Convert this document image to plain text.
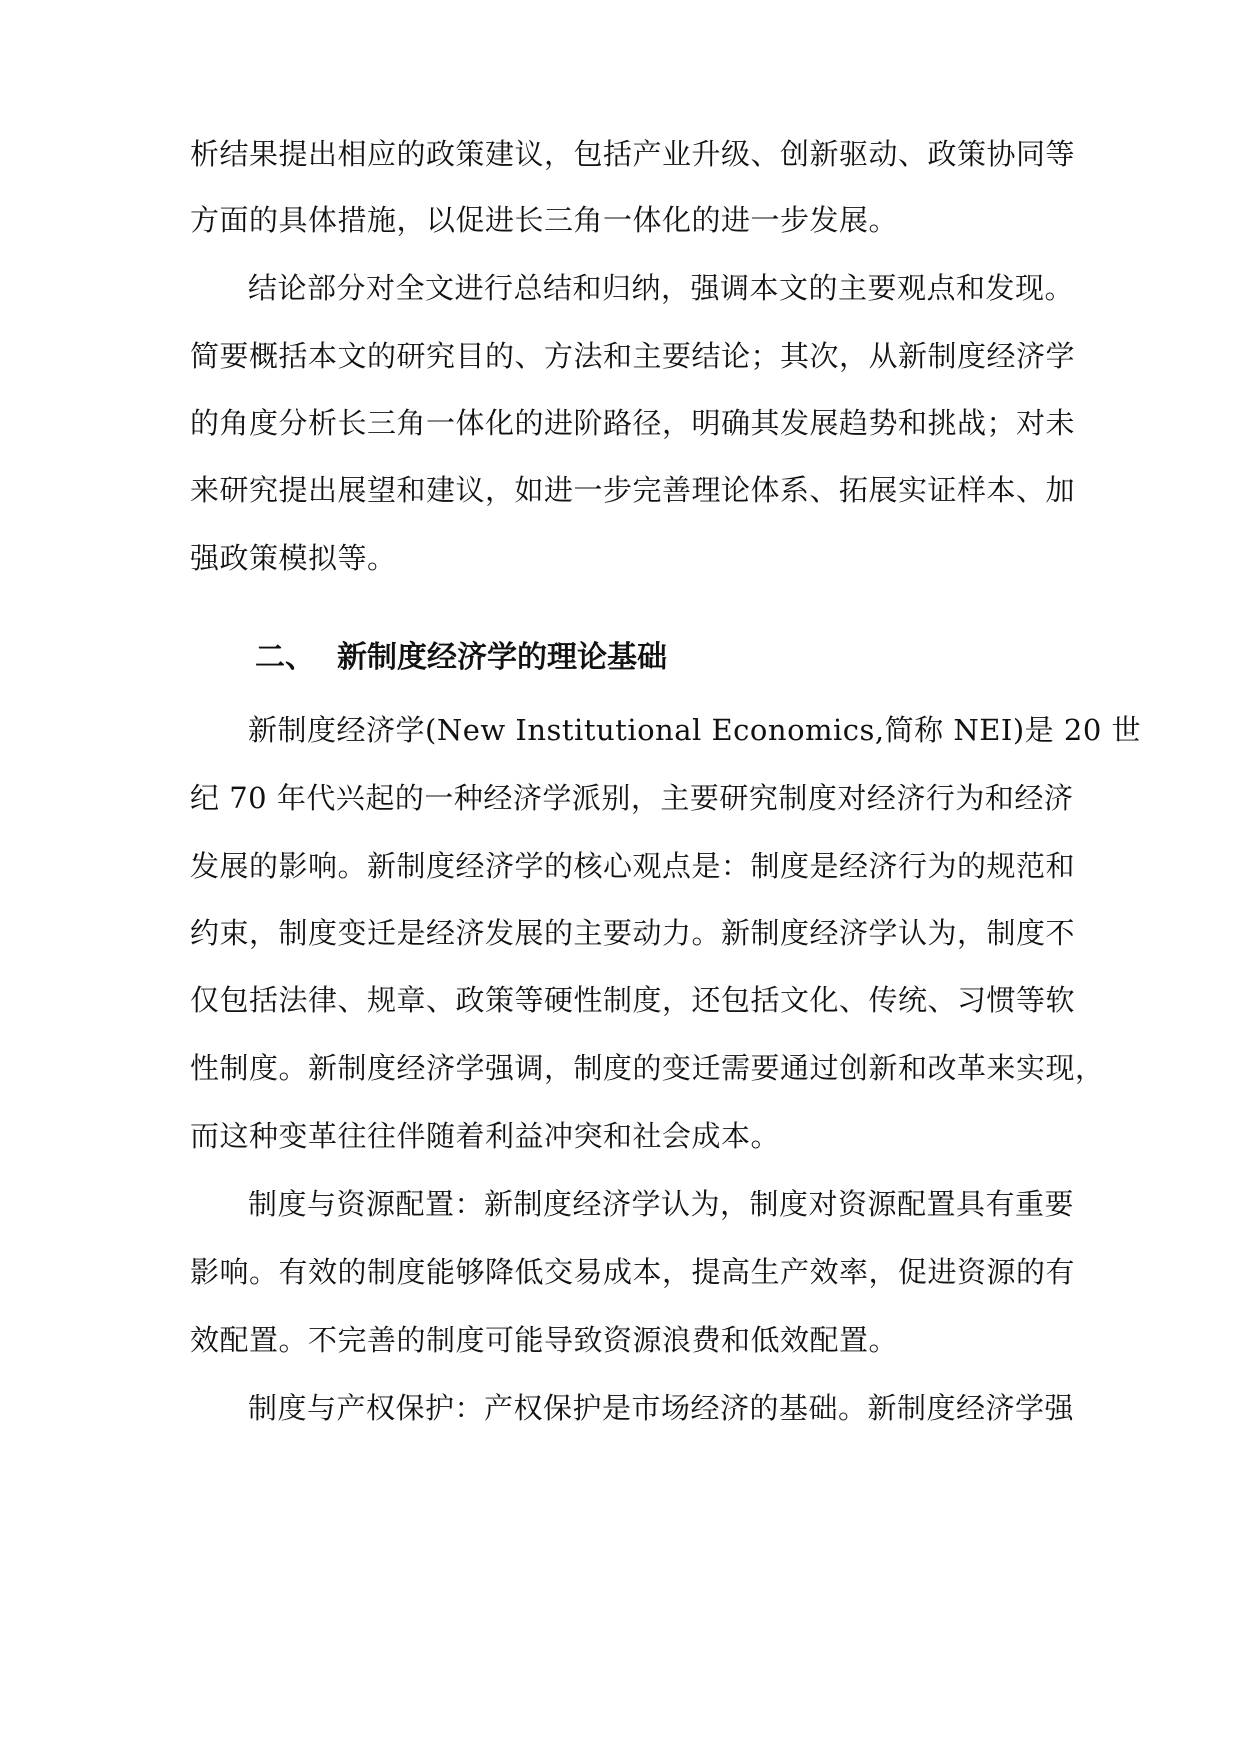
析结果提出相应的政策建议，包括产业升级、创新驱动、政策协同等
方面的具体措施，以促进长三角一体化的进一步发展。
结论部分对全文进行总结和归纳，强调本文的主要观点和发现。
简要概括本文的研究目的、方法和主要结论；其次，从新制度经济学
的角度分析长三角一体化的进阶路径，明确其发展趋势和挑战；对未
来研究提出展望和建议，如进一步完善理论体系、拓展实证样本、加
强政策模拟等。
二、 新制度经济学的理论基础
新制度经济学(New Institutional Economics,简称 NEI)是 20 世
纪 70 年代兴起的一种经济学派别，主要研究制度对经济行为和经济
发展的影响。新制度经济学的核心观点是：制度是经济行为的规范和
约束，制度变迁是经济发展的主要动力。新制度经济学认为，制度不
仅包括法律、规章、政策等硬性制度，还包括文化、传统、习惯等软
性制度。新制度经济学强调，制度的变迁需要通过创新和改革来实现，
而这种变革往往伴随着利益冲突和社会成本。
制度与资源配置：新制度经济学认为，制度对资源配置具有重要
影响。有效的制度能够降低交易成本，提高生产效率，促进资源的有
效配置。不完善的制度可能导致资源浪费和低效配置。
制度与产权保护：产权保护是市场经济的基础。新制度经济学强
